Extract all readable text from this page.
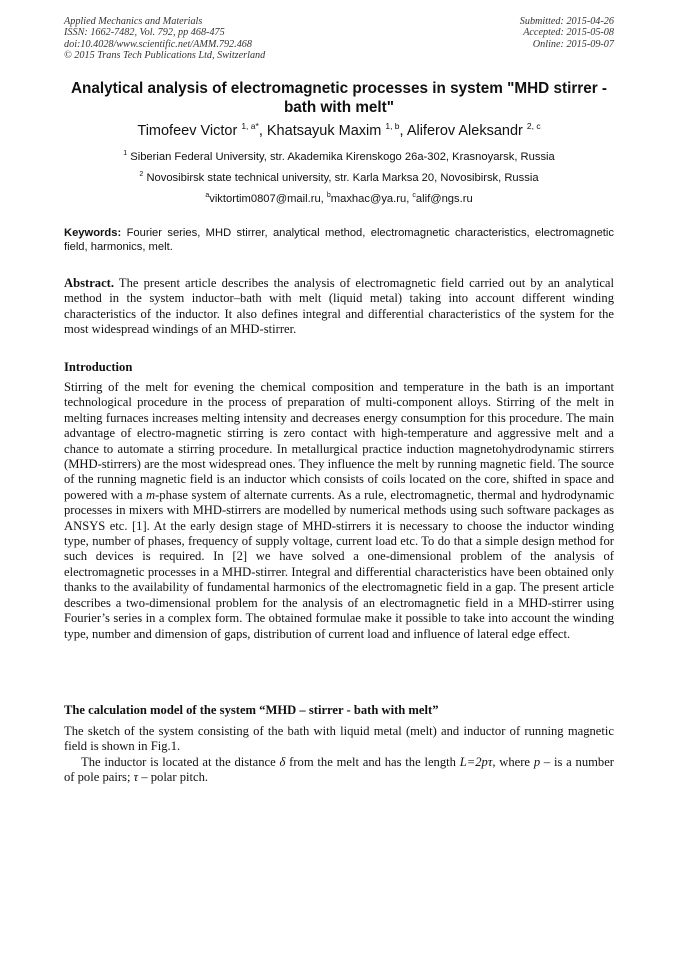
Applied Mechanics and Materials
ISSN: 1662-7482, Vol. 792, pp 468-475
doi:10.4028/www.scientific.net/AMM.792.468
© 2015 Trans Tech Publications Ltd, Switzerland
Submitted: 2015-04-26
Accepted: 2015-05-08
Online: 2015-09-07
Analytical analysis of electromagnetic processes in system "MHD stirrer - bath with melt"
Timofeev Victor $^{1, a*}$, Khatsayuk Maxim $^{1, b}$, Aliferov Aleksandr $^{2, c}$
$^1$ Siberian Federal University, str. Akademika Kirenskogo 26a-302, Krasnoyarsk, Russia
$^2$ Novosibirsk state technical university, str. Karla Marksa 20, Novosibirsk, Russia
$^a$viktortim0807@mail.ru, $^b$maxhac@ya.ru, $^c$alif@ngs.ru
Keywords: Fourier series, MHD stirrer, analytical method, electromagnetic characteristics, electromagnetic field, harmonics, melt.
Abstract. The present article describes the analysis of electromagnetic field carried out by an analytical method in the system inductor–bath with melt (liquid metal) taking into account different winding characteristics of the inductor. It also defines integral and differential characteristics of the system for the most widespread windings of an MHD-stirrer.
Introduction
Stirring of the melt for evening the chemical composition and temperature in the bath is an important technological procedure in the process of preparation of multi-component alloys. Stirring of the melt in melting furnaces increases melting intensity and decreases energy consumption for this procedure. The main advantage of electro-magnetic stirring is zero contact with high-temperature and aggressive melt and a chance to automate a stirring procedure. In metallurgical practice induction magnetohydrodynamic stirrers (MHD-stirrers) are the most widespread ones. They influence the melt by running magnetic field. The source of the running magnetic field is an inductor which consists of coils located on the core, shifted in space and powered with a m-phase system of alternate currents. As a rule, electromagnetic, thermal and hydrodynamic processes in mixers with MHD-stirrers are modelled by numerical methods using such software packages as ANSYS etc. [1]. At the early design stage of MHD-stirrers it is necessary to choose the inductor winding type, number of phases, frequency of supply voltage, current load etc. To do that a simple design method for such devices is required. In [2] we have solved a one-dimensional problem of the analysis of electromagnetic processes in a MHD-stirrer. Integral and differential characteristics have been obtained only thanks to the availability of fundamental harmonics of the electromagnetic field in a gap. The present article describes a two-dimensional problem for the analysis of an electromagnetic field in a MHD-stirrer using Fourier’s series in a complex form. The obtained formulae make it possible to take into account the winding type, number and dimension of gaps, distribution of current load and influence of lateral edge effect.
The calculation model of the system “MHD – stirrer - bath with melt”
The sketch of the system consisting of the bath with liquid metal (melt) and inductor of running magnetic field is shown in Fig.1.
The inductor is located at the distance δ from the melt and has the length L=2pτ, where p – is a number of pole pairs; τ – polar pitch.
